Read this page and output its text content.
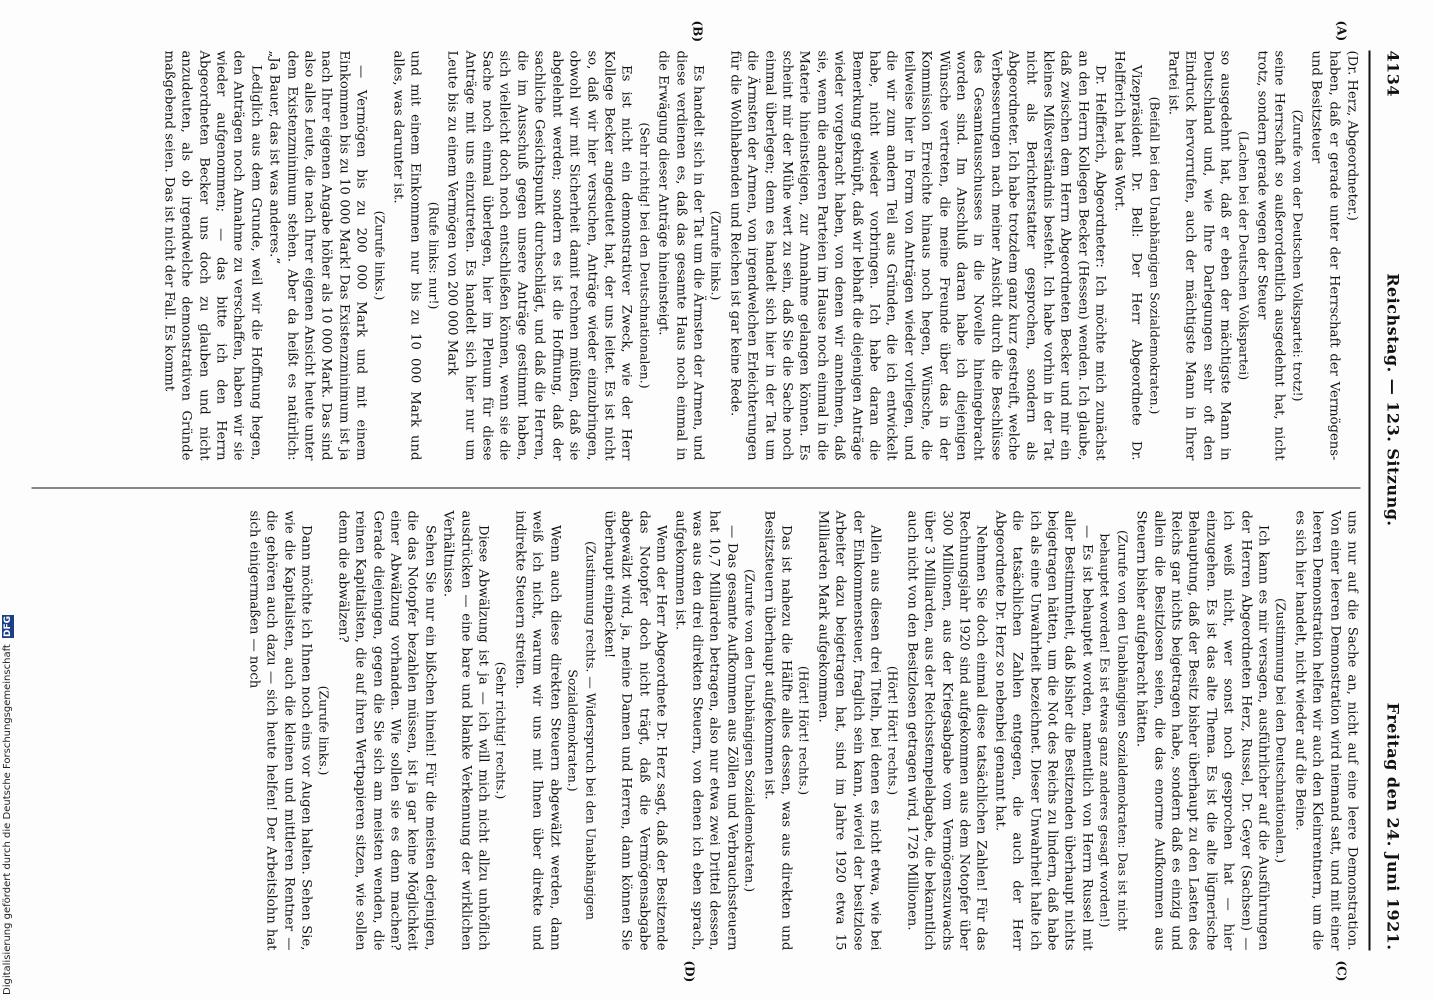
4134
Reichstag. — 123. Sitzung.
Freitag den 24. Juni 1921.
(A)
(B)
(C)
(D)

(Dr. Herz, Abgeordneter.)

haben, daß er gerade unter der Herrschaft der Vermögens- und Besitzsteuer

(Zurufe von der Deutschen Volkspartei: trotz!)

seine Herrschaft so außerordentlich ausgedehnt hat, nicht trotz, sondern gerade wegen der Steuer

(Lachen bei der Deutschen Volkspartei)

so ausgedehnt hat, daß er eben der mächtigste Mann in Deutschland und, wie Ihre Darlegungen sehr oft den Eindruck hervorrufen, auch der mächtigste Mann in Ihrer Partei ist.

(Beifall bei den Unabhängigen Sozialdemokraten.)

Vizepräsident Dr. Bell: Der Herr Abgeordnete Dr. Helfferich hat das Wort.

Dr. Helfferich, Abgeordneter: Ich möchte mich zunächst an den Herrn Kollegen Becker (Hessen) wenden. Ich glaube, daß zwischen dem Herrn Abgeordneten Becker und mir ein kleines Mißverständnis besteht. Ich habe vorhin in der Tat nicht als Berichterstatter gesprochen, sondern als Abgeordneter. Ich habe trotzdem ganz kurz gestreift, welche Verbesserungen nach meiner Ansicht durch die Beschlüsse des Gesamtausschusses in die Novelle hineingebracht worden sind. Im Anschluß daran habe ich diejenigen Wünsche vertreten, die meine Freunde über das in der Kommission Erreichte hinaus noch hegen, Wünsche, die teilweise hier in Form von Anträgen wieder vorliegen, und die wir zum andern Teil aus Gründen, die ich entwickelt habe, nicht wieder vorbringen. Ich habe daran die Bemerkung geknüpft, daß wir lebhaft die diejenigen Anträge wieder vorgebracht haben, von denen wir annehmen, daß sie, wenn die anderen Parteien im Hause noch einmal in die Materie hineinsteigen, zur Annahme gelangen können. Es scheint mir der Mühe wert zu sein, daß Sie die Sache noch einmal überlegen; denn es handelt sich hier in der Tat um die Ärmsten der Armen, von irgendwelchen Erleichterungen für die Wohlhabenden und Reichen ist gar keine Rede.

(Zurufe links.)

Es handelt sich in der Tat um die Ärmsten der Armen, und diese verdienen es, daß das gesamte Haus noch einmal in die Erwägung dieser Anträge hineinsteigt.

(Sehr richtig! bei den Deutschnationalen.)

Es ist nicht ein demonstrativer Zweck, wie der Herr Kollege Becker angedeutet hat, der uns leitet. Es ist nicht so, daß wir hier versuchen, Anträge wieder einzubringen, obwohl wir mit Sicherheit damit rechnen müßten, daß sie abgelehnt werden; sondern es ist die Hoffnung, daß der sachliche Gesichtspunkt durchschlägt, und daß die Herren, die im Ausschuß gegen unsere Anträge gestimmt haben, sich vielleicht doch noch entschließen können, wenn sie die Sache noch einmal überlegen, hier im Plenum für diese Anträge mit uns einzutreten. Es handelt sich hier nur um Leute bis zu einem Vermögen von 200 000 Mark

(Rufe links: nur!)

und mit einem Einkommen nur bis zu 10 000 Mark und alles, was darunter ist.

(Zurufe links.)

— Vermögen bis zu 200 000 Mark und mit einem Einkommen bis zu 10 000 Mark! Das Existenzminimum ist ja nach Ihrer eigenen Angabe höher als 10 000 Mark. Das sind also alles Leute, die nach Ihrer eigenen Ansicht heute unter dem Existenzminimum stehen. Aber da heißt es natürlich: „Ja Bauer, das ist was anderes.“

Lediglich aus dem Grunde, weil wir die Hoffnung hegen, den Anträgen noch Annahme zu verschaffen, haben wir sie wieder aufgenommen; — das bitte ich den Herrn Abgeordneten Becker uns doch zu glauben und nicht anzudeuten, als ob irgendwelche demonstrativen Gründe maßgebend seien. Das ist nicht der Fall. Es kommt

uns nur auf die Sache an, nicht auf eine leere Demonstration. Von einer leeren Demonstration wird niemand satt, und mit einer leeren Demonstration helfen wir auch den Kleinrentnern, um die es sich hier handelt, nicht wieder auf die Beine.

(Zustimmung bei den Deutschnationalen.)

Ich kann es mir versagen, ausführlicher auf die Ausführungen der Herren Abgeordneten Herz, Russel, Dr. Geyer (Sachsen) — ich weiß nicht, wer sonst noch gesprochen hat — hier einzugehen. Es ist das alte Thema. Es ist die alte lügnerische Behauptung, daß der Besitz bisher überhaupt zu den Lasten des Reichs gar nichts beigetragen habe, sondern daß es einzig und allein die Besitzlosen seien, die das enorme Aufkommen aus Steuern bisher aufgebracht hätten.

(Zurufe von den Unabhängigen Sozialdemokraten: Das ist nicht behauptet worden! Es ist etwas ganz anderes gesagt worden!)

— Es ist behauptet worden, namentlich von Herrn Russel mit aller Bestimmtheit, daß bisher die Besitzenden überhaupt nichts beigetragen hätten, um die Not des Reichs zu lindern, daß habe ich als eine Unwahrheit bezeichnet. Dieser Unwahrheit halte ich die tatsächlichen Zahlen entgegen, die auch der Herr Abgeordnete Dr. Herz so nebenbei genannt hat.

Nehmen Sie doch einmal diese tatsächlichen Zahlen! Für das Rechnungsjahr 1920 sind aufgekommen aus dem Notopfer über 300 Millionen, aus der Kriegsabgabe vom Vermögenszuwachs über 3 Milliarden, aus der Reichsstempelabgabe, die bekanntlich auch nicht von den Besitzlosen getragen wird, 1726 Millionen.

(Hört! Hört! rechts.)

Allein aus diesen drei Titeln, bei denen es nicht etwa, wie bei der Einkommensteuer, fraglich sein kann, wieviel der besitzlose Arbeiter dazu beigetragen hat, sind im Jahre 1920 etwa 15 Milliarden Mark aufgekommen.

(Hört! Hört! rechts.)

Das ist nahezu die Hälfte alles dessen, was aus direkten und Besitzsteuern überhaupt aufgekommen ist.

(Zurufe von den Unabhängigen Sozialdemokraten.)

— Das gesamte Aufkommen aus Zöllen und Verbrauchssteuern hat 10,7 Milliarden betragen, also nur etwa zwei Drittel dessen, was aus den drei direkten Steuern, von denen ich eben sprach, aufgekommen ist.

Wenn der Herr Abgeordnete Dr. Herz sagt, daß der Besitzende das Notopfer doch nicht trägt, daß die Vermögensabgabe abgewälzt wird, ja, meine Damen und Herren, dann können Sie überhaupt einpacken!

(Zustimmung rechts. — Widerspruch bei den Unabhängigen Sozialdemokraten.)

Wenn auch diese direkten Steuern abgewälzt werden, dann weiß ich nicht, warum wir uns mit Ihnen über direkte und indirekte Steuern streiten.

(Sehr richtig! rechts.)

Diese Abwälzung ist ja — ich will mich nicht allzu unhöflich ausdrücken — eine bare und blanke Verkennung der wirklichen Verhältnisse.

Sehen Sie nur ein bißchen hinein! Für die meisten derjenigen, die das Notopfer bezahlen müssen, ist ja gar keine Möglichkeit einer Abwälzung vorhanden. Wie sollen sie es denn machen? Gerade diejenigen, gegen die Sie sich am meisten wenden, die reinen Kapitalisten, die auf ihren Wertpapieren sitzen, wie sollen denn die abwälzen?

(Zurufe links.)

Dann möchte ich Ihnen noch eins vor Augen halten. Sehen Sie, wie die Kapitalisten, auch die kleinen und mittleren Rentner — die gehören auch dazu — sich heute helfen! Der Arbeitslohn hat sich einigermaßen — noch

Digitalisierung gefördert durch die Deutsche Forschungsgemeinschaft DFG
